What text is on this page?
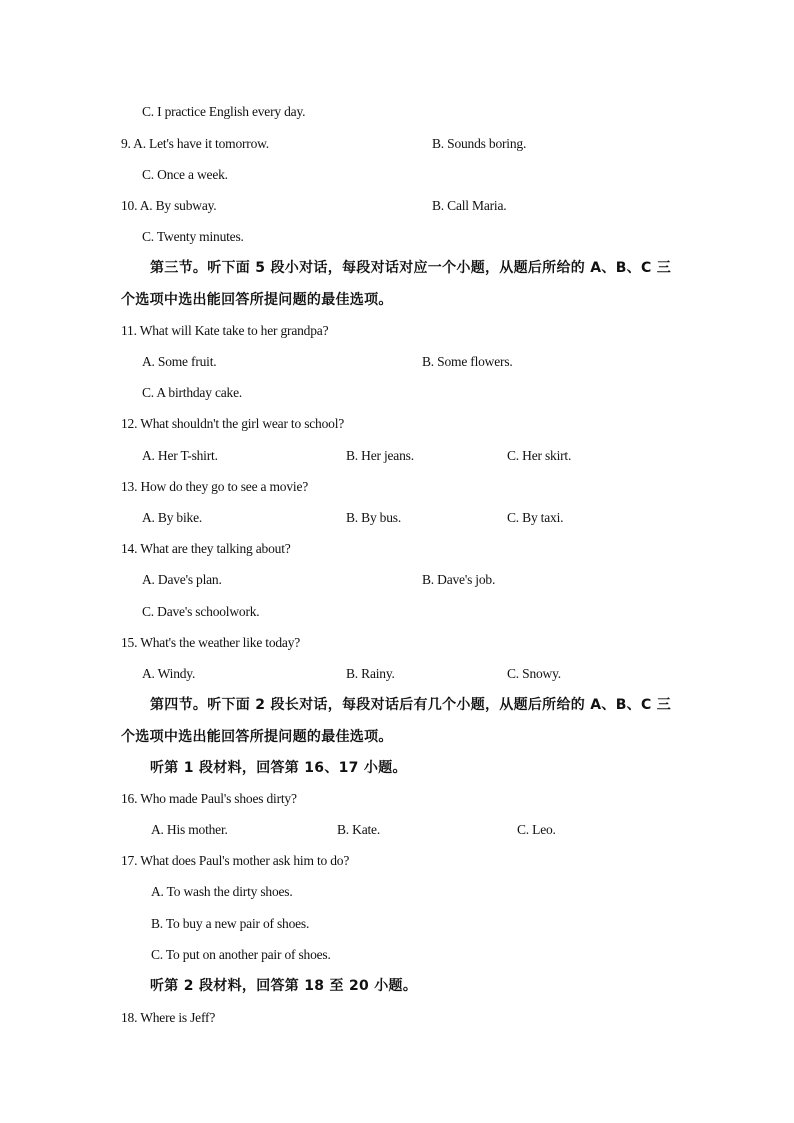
C. I practice English every day.
9. A. Let's have it tomorrow.	B. Sounds boring.
C. Once a week.
10. A. By subway.	B. Call Maria.
C. Twenty minutes.
第三节。听下面 5 段小对话，每段对话对应一个小题，从题后所给的 A、B、C 三
个选项中选出能回答所提问题的最佳选项。
11. What will Kate take to her grandpa?
A. Some fruit.	B. Some flowers.
C. A birthday cake.
12. What shouldn't the girl wear to school?
A. Her T-shirt.	B. Her jeans.	C. Her skirt.
13. How do they go to see a movie?
A. By bike.	B. By bus.	C. By taxi.
14. What are they talking about?
A. Dave's plan.	B. Dave's job.
C. Dave's schoolwork.
15. What's the weather like today?
A. Windy.	B. Rainy.	C. Snowy.
第四节。听下面 2 段长对话，每段对话后有几个小题，从题后所给的 A、B、C 三
个选项中选出能回答所提问题的最佳选项。
听第 1 段材料，回答第 16、17 小题。
16. Who made Paul's shoes dirty?
A. His mother.	B. Kate.	C. Leo.
17. What does Paul's mother ask him to do?
A. To wash the dirty shoes.
B. To buy a new pair of shoes.
C. To put on another pair of shoes.
听第 2 段材料，回答第 18 至 20 小题。
18. Where is Jeff?
